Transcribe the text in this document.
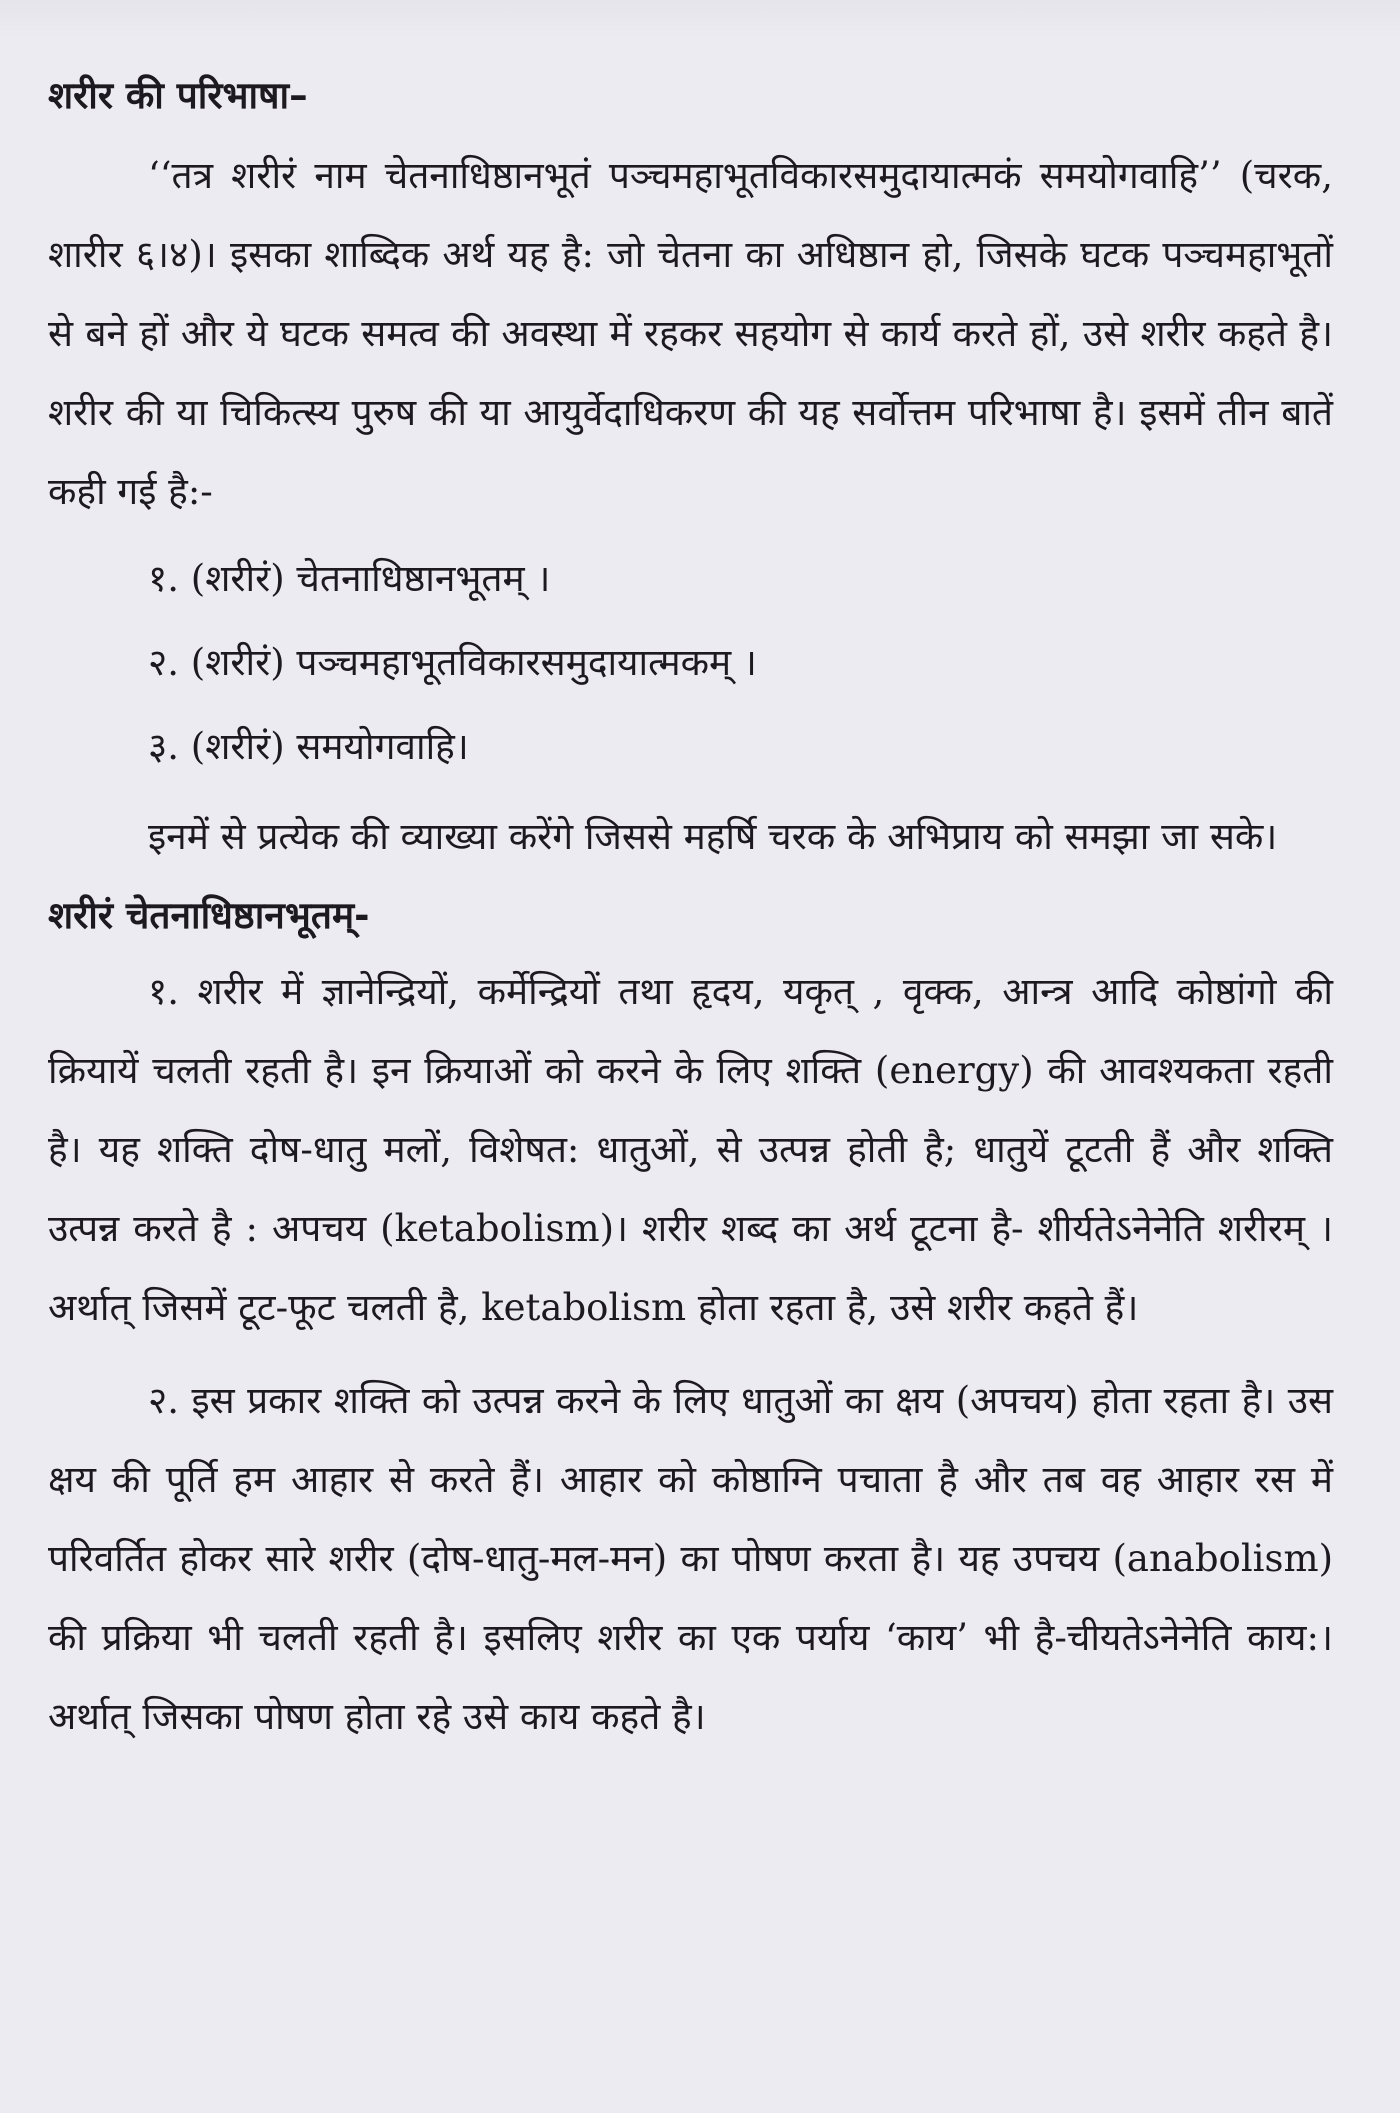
शरीर की परिभाषा–

‘‘तत्र शरीरं नाम चेतनाधिष्ठानभूतं पञ्चमहाभूतविकारसमुदायात्मकं समयोगवाहि’’ (चरक, शारीर ६।४)। इसका शाब्दिक अर्थ यह है: जो चेतना का अधिष्ठान हो, जिसके घटक पञ्चमहाभूतों से बने हों और ये घटक समत्व की अवस्था में रहकर सहयोग से कार्य करते हों, उसे शरीर कहते है। शरीर की या चिकित्स्य पुरुष की या आयुर्वेदाधिकरण की यह सर्वोत्तम परिभाषा है। इसमें तीन बातें कही गई है:-

१. (शरीरं) चेतनाधिष्ठानभूतम् ।

२. (शरीरं) पञ्चमहाभूतविकारसमुदायात्मकम् ।

३. (शरीरं) समयोगवाहि।

इनमें से प्रत्येक की व्याख्या करेंगे जिससे महर्षि चरक के अभिप्राय को समझा जा सके।

शरीरं चेतनाधिष्ठानभूतम्-

१. शरीर में ज्ञानेन्द्रियों, कर्मेन्द्रियों तथा हृदय, यकृत् , वृक्क, आन्त्र आदि कोष्ठांगो की क्रियायें चलती रहती है। इन क्रियाओं को करने के लिए शक्ति (energy) की आवश्यकता रहती है। यह शक्ति दोष-धातु मलों, विशेषत: धातुओं, से उत्पन्न होती है; धातुयें टूटती हैं और शक्ति उत्पन्न करते है : अपचय (ketabolism)। शरीर शब्द का अर्थ टूटना है- शीर्यतेऽनेनेति शरीरम् । अर्थात् जिसमें टूट-फूट चलती है, ketabolism होता रहता है, उसे शरीर कहते हैं।

२. इस प्रकार शक्ति को उत्पन्न करने के लिए धातुओं का क्षय (अपचय) होता रहता है। उस क्षय की पूर्ति हम आहार से करते हैं। आहार को कोष्ठाग्नि पचाता है और तब वह आहार रस में परिवर्तित होकर सारे शरीर (दोष-धातु-मल-मन) का पोषण करता है। यह उपचय (anabolism) की प्रक्रिया भी चलती रहती है। इसलिए शरीर का एक पर्याय ‘काय’ भी है-चीयतेऽनेनेति काय:। अर्थात् जिसका पोषण होता रहे उसे काय कहते है।
